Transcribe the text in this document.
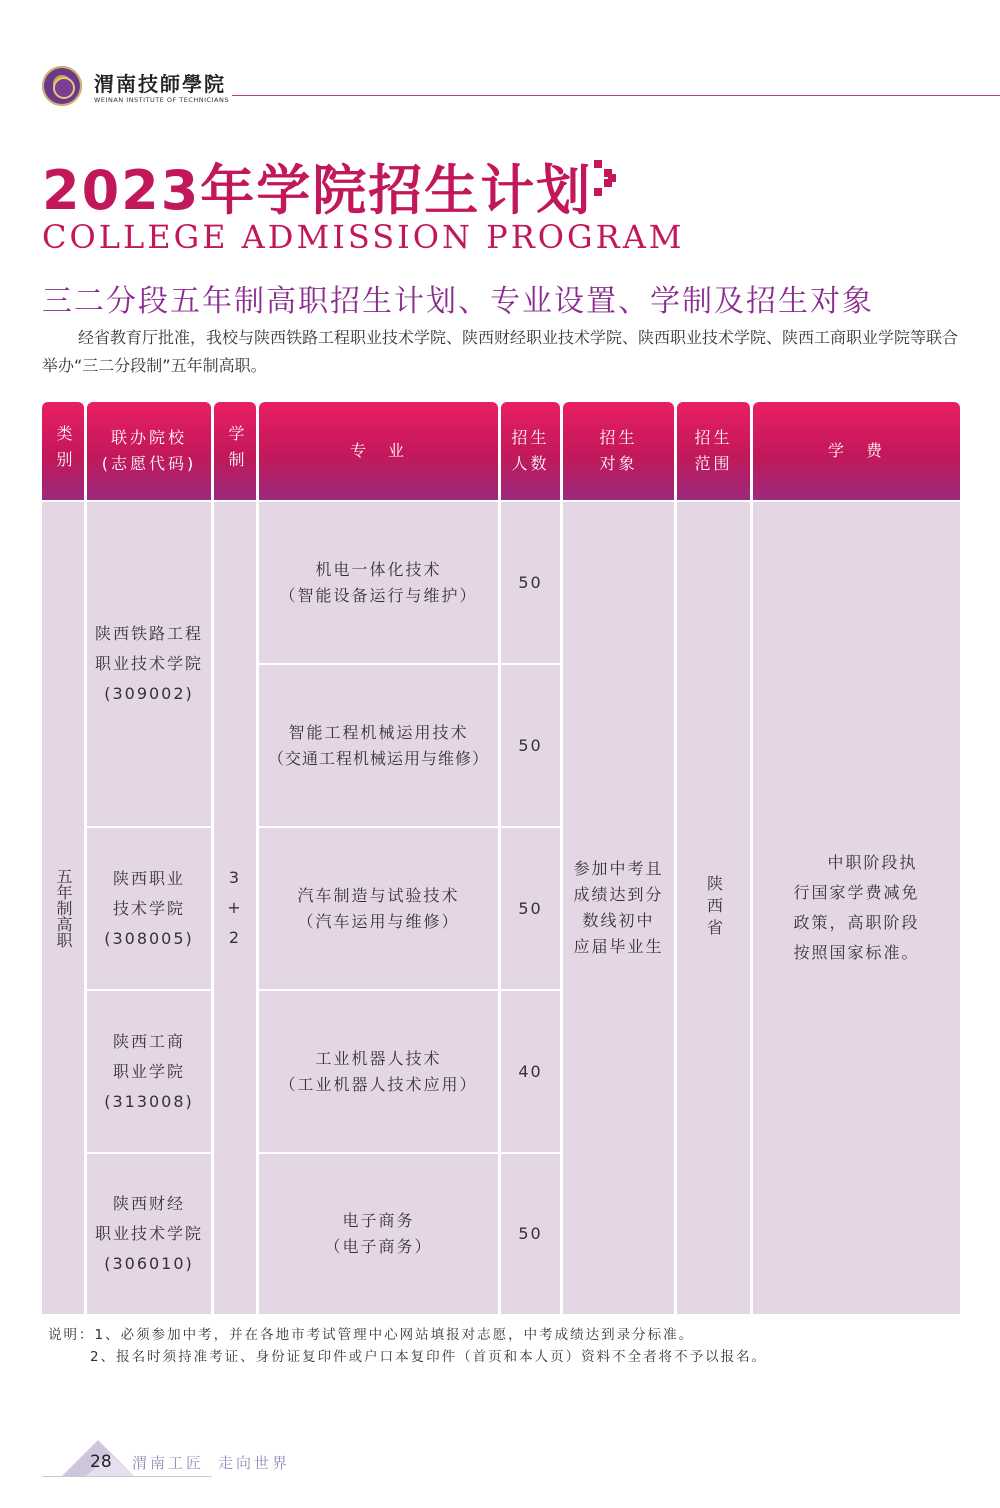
渭南技師學院
WEINAN INSTITUTE OF TECHNICIANS
2023年学院招生计划
COLLEGE ADMISSION PROGRAM
三二分段五年制高职招生计划、专业设置、学制及招生对象
经省教育厅批准，我校与陕西铁路工程职业技术学院、陕西财经职业技术学院、陕西职业技术学院、陕西工商职业学院等联合举办“三二分段制”五年制高职。
类别 联办院校
(志愿代码) 学制	专　业
招生
人数
招生
对象
招生
范围
学　费
五年制高职
陕西铁路工程
职业技术学院
(309002)
陕西职业
技术学院
(308005)
陕西工商
职业学院
(313008)
陕西财经
职业技术学院
(306010)
3
+
2
机电一体化技术
（智能设备运行与维护）
智能工程机械运用技术
（交通工程机械运用与维修）
汽车制造与试验技术
（汽车运用与维修）
工业机器人技术
（工业机器人技术应用）
电子商务
（电子商务）
50
50
50
40
50
参加中考且
成绩达到分
数线初中
应届毕业生
陕西省
中职阶段执
行国家学费减免
政策，高职阶段
按照国家标准。
说明：1、必须参加中考，并在各地市考试管理中心网站填报对志愿，中考成绩达到录分标准。
2、报名时须持准考证、身份证复印件或户口本复印件（首页和本人页）资料不全者将不予以报名。
28 渭南工匠 走向世界
